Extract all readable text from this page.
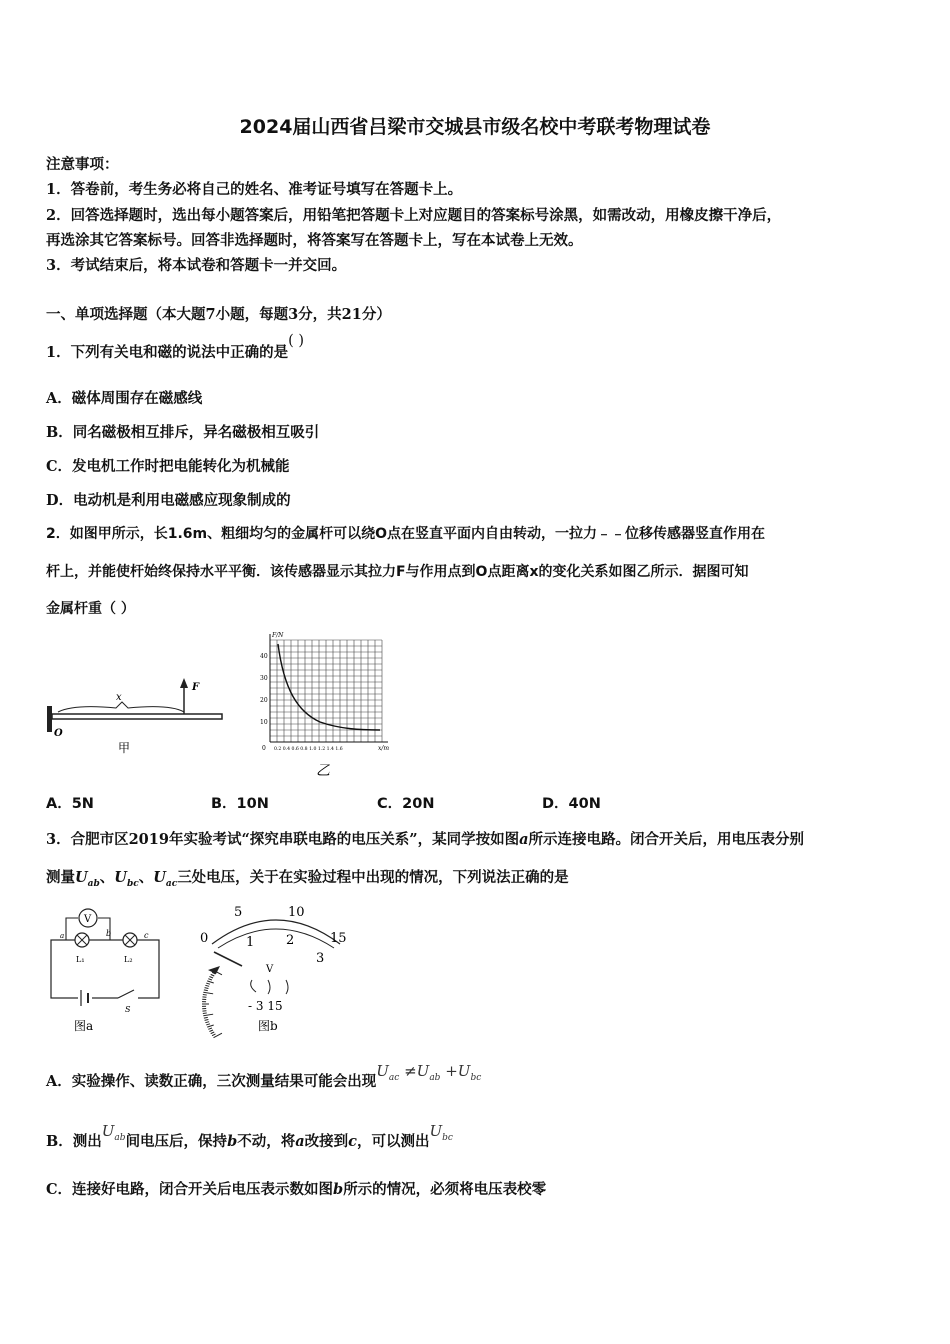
2024届山西省吕梁市交城县市级名校中考联考物理试卷
注意事项：
1．答卷前，考生务必将自己的姓名、准考证号填写在答题卡上。
2．回答选择题时，选出每小题答案后，用铅笔把答题卡上对应题目的答案标号涂黑，如需改动，用橡皮擦干净后，
再选涂其它答案标号。回答非选择题时，将答案写在答题卡上，写在本试卷上无效。
3．考试结束后，将本试卷和答题卡一并交回。
一、单项选择题（本大题7小题，每题3分，共21分）
1．下列有关电和磁的说法中正确的是( )
A．磁体周围存在磁感线
B．同名磁极相互排斥，异名磁极相互吸引
C．发电机工作时把电能转化为机械能
D．电动机是利用电磁感应现象制成的
2．如图甲所示，长1.6m、粗细均匀的金属杆可以绕O点在竖直平面内自由转动，一拉力﹣﹣位移传感器竖直作用在
杆上，并能使杆始终保持水平平衡．该传感器显示其拉力F与作用点到O点距离x的变化关系如图乙所示．据图可知
金属杆重（ ）
x
F
O
甲
F/N
x/m
40
30
20
10
0 0.2 0.4 0.6 0.8 1.0 1.2 1.4 1.6
乙
A．5N	B．10N	C．20N	D．40N
3．合肥市区2019年实验考试“探究串联电路的电压关系”，某同学按如图a所示连接电路。闭合开关后，用电压表分别
测量$U_{ab}$、$U_{bc}$、$U_{ac}$三处电压，关于在实验过程中出现的情况，下列说法正确的是
V
a	b	c
L₁	L₂
S
图a
5	10
15
0	1 2
3
V
- 3 15
图b
A．实验操作、读数正确，三次测量结果可能会出现$U_{ac} \ne U_{ab} +U_{bc}$
B．测出$U_{ab}$间电压后，保持b不动，将a改接到c，可以测出$U_{bc}$
C．连接好电路，闭合开关后电压表示数如图b所示的情况，必须将电压表校零
